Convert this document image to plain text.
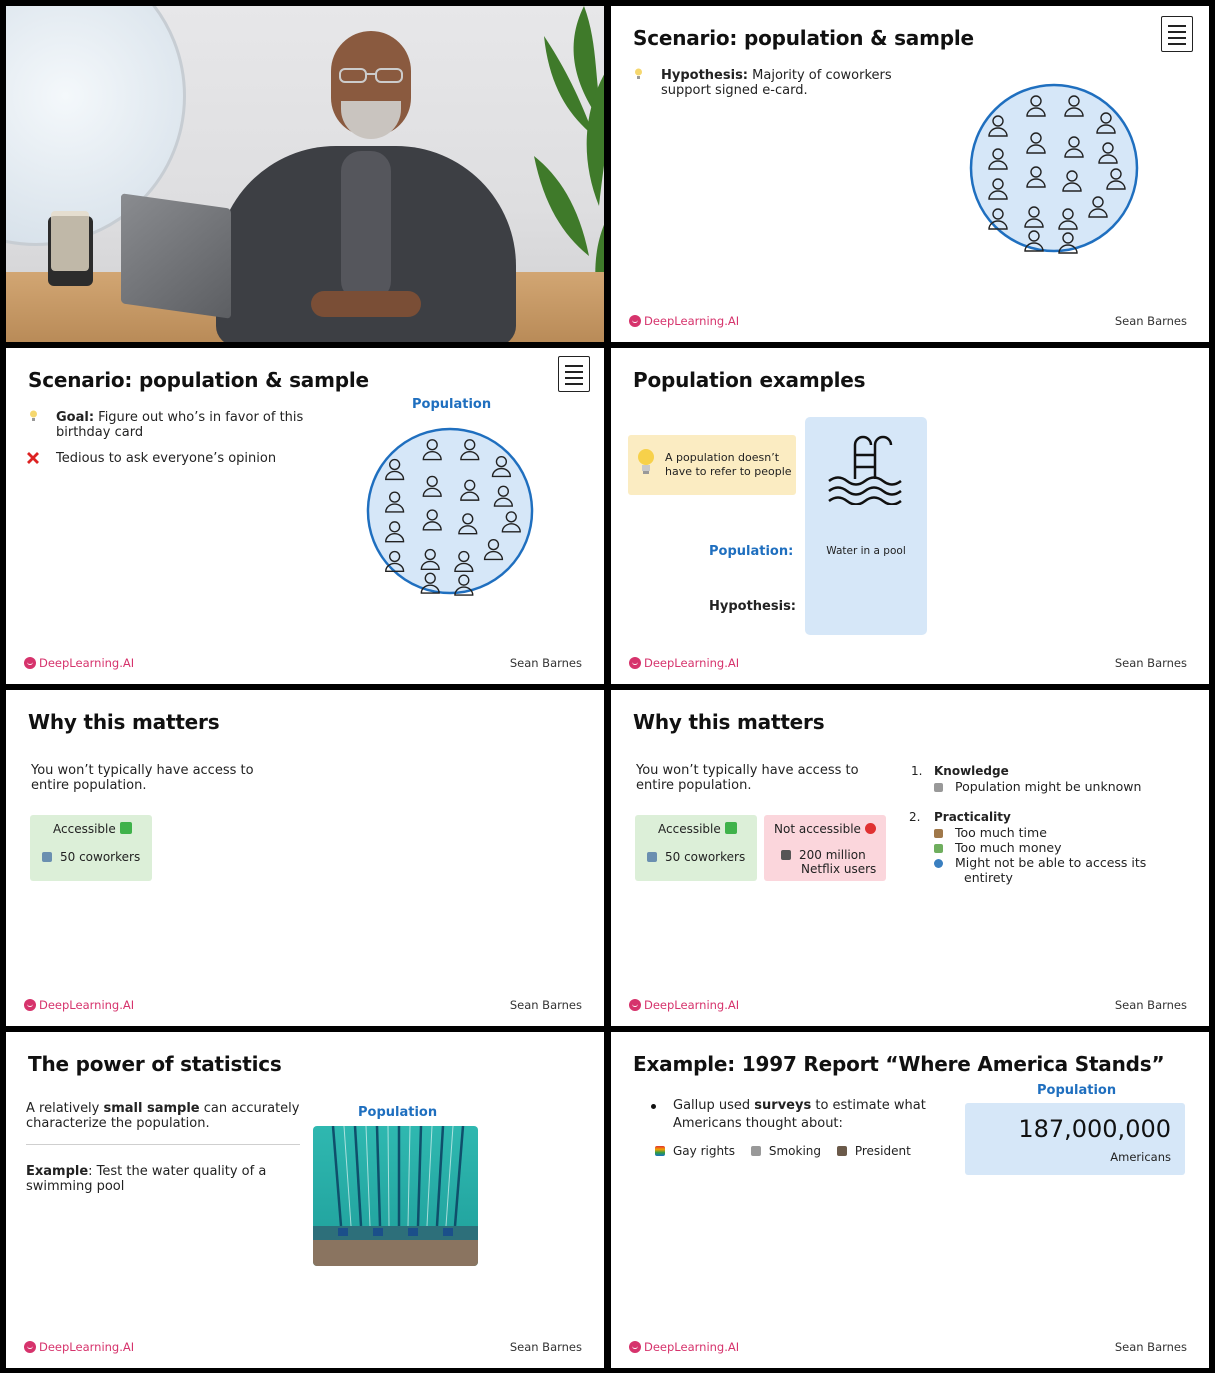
Scenario: population & sample
Hypothesis: Majority of coworkers
support signed e-card.
DeepLearning.AI	Sean Barnes
Scenario: population & sample
Goal: Figure out who’s in favor of this
birthday card
Tedious to ask everyone’s opinion
Population
DeepLearning.AI	Sean Barnes
Population examples
A population doesn’t
have to refer to people
Population:
Hypothesis:
Water in a pool
DeepLearning.AI	Sean Barnes
Why this matters
You won’t typically have access to
entire population.
Accessible
50 coworkers
DeepLearning.AI	Sean Barnes
Why this matters
You won’t typically have access to
entire population.
Accessible
50 coworkers
Not accessible
200 million
Netflix users
1. Knowledge
Population might be unknown
2. Practicality
Too much time
Too much money
Might not be able to access its
entirety
DeepLearning.AI	Sean Barnes
The power of statistics
A relatively small sample can accurately
characterize the population.
Example: Test the water quality of a
swimming pool
Population
DeepLearning.AI	Sean Barnes
Example: 1997 Report “Where America Stands”
Gallup used surveys to estimate what
Americans thought about:
Gay rights	Smoking	President
Population
187,000,000
Americans
DeepLearning.AI	Sean Barnes
